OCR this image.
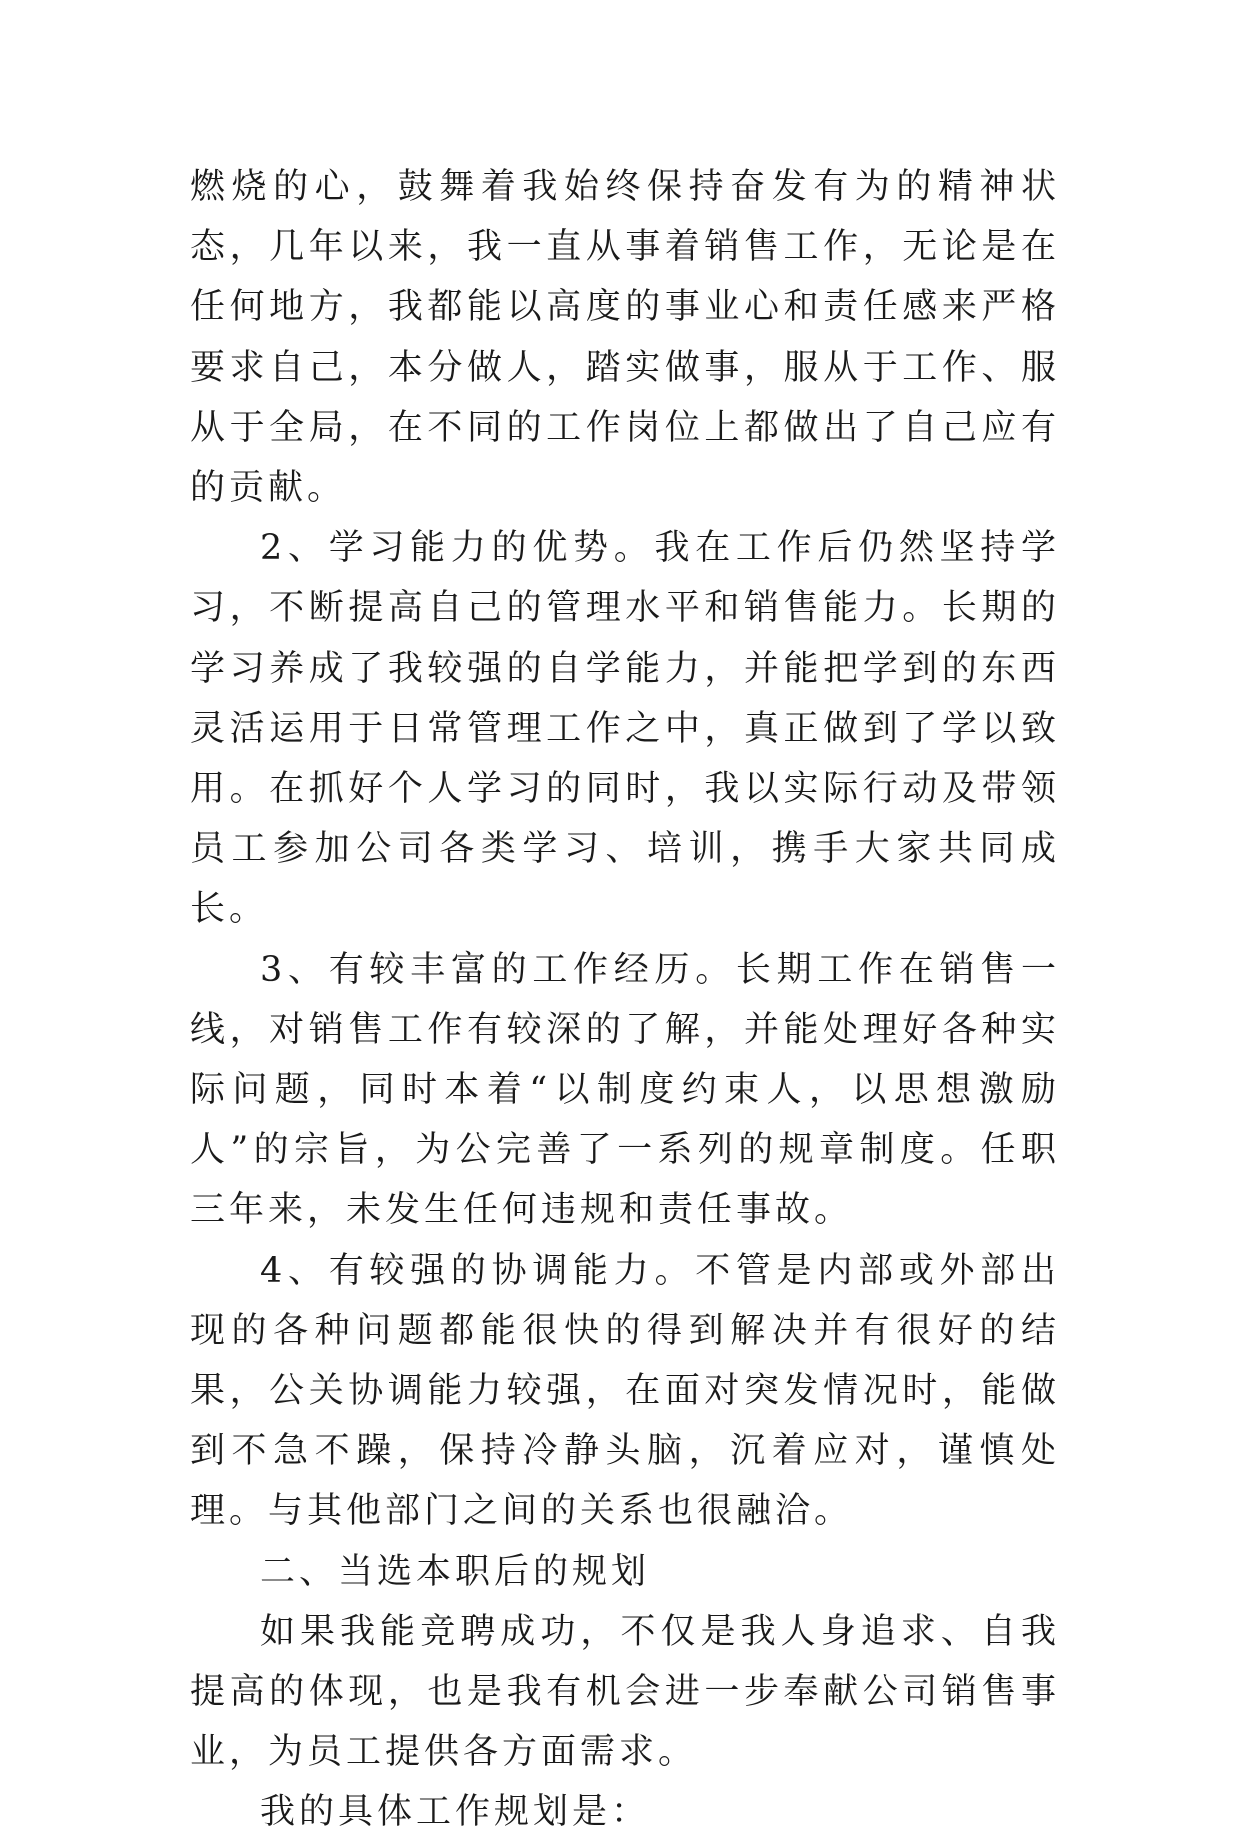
燃烧的心，鼓舞着我始终保持奋发有为的精神状态，几年以来，我一直从事着销售工作，无论是在任何地方，我都能以高度的事业心和责任感来严格要求自己，本分做人，踏实做事，服从于工作、服从于全局，在不同的工作岗位上都做出了自己应有的贡献。

2、学习能力的优势。我在工作后仍然坚持学习，不断提高自己的管理水平和销售能力。长期的学习养成了我较强的自学能力，并能把学到的东西灵活运用于日常管理工作之中，真正做到了学以致用。在抓好个人学习的同时，我以实际行动及带领员工参加公司各类学习、培训，携手大家共同成长。

3、有较丰富的工作经历。长期工作在销售一线，对销售工作有较深的了解，并能处理好各种实际问题，同时本着“以制度约束人，以思想激励人”的宗旨，为公完善了一系列的规章制度。任职三年来，未发生任何违规和责任事故。

4、有较强的协调能力。不管是内部或外部出现的各种问题都能很快的得到解决并有很好的结果，公关协调能力较强，在面对突发情况时，能做到不急不躁，保持冷静头脑，沉着应对，谨慎处理。与其他部门之间的关系也很融洽。

二、当选本职后的规划

如果我能竞聘成功，不仅是我人身追求、自我提高的体现，也是我有机会进一步奉献公司销售事业，为员工提供各方面需求。

我的具体工作规划是：
